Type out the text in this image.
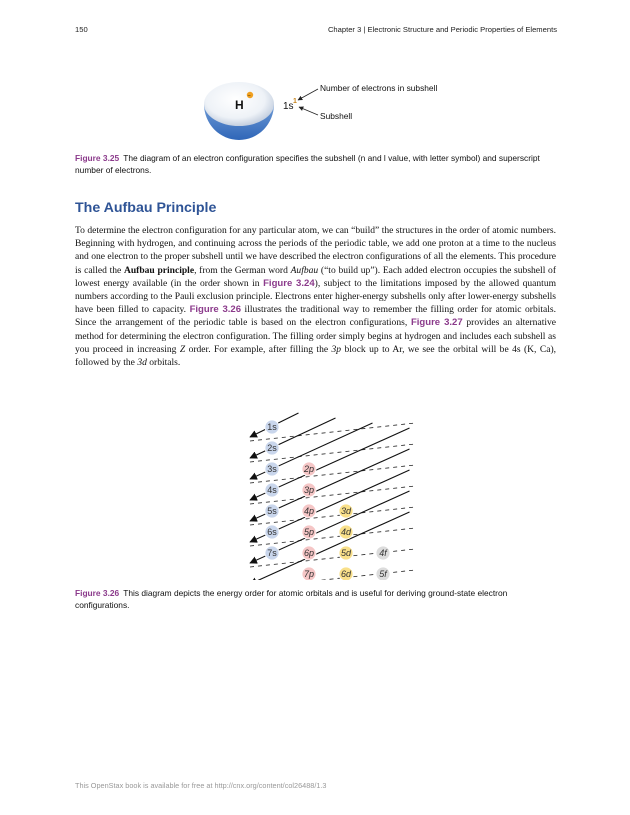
150	Chapter 3 | Electronic Structure and Periodic Properties of Elements
H
–
1s 1
Number of electrons in subshell
Subshell
Figure 3.25 The diagram of an electron configuration specifies the subshell (n and l value, with letter symbol) and superscript number of electrons.
The Aufbau Principle

To determine the electron configuration for any particular atom, we can “build” the structures in the order of atomic numbers. Beginning with hydrogen, and continuing across the periods of the periodic table, we add one proton at a time to the nucleus and one electron to the proper subshell until we have described the electron configurations of all the elements. This procedure is called the Aufbau principle, from the German word Aufbau (“to build up”). Each added electron occupies the subshell of lowest energy available (in the order shown in Figure 3.24), subject to the limitations imposed by the allowed quantum numbers according to the Pauli exclusion principle. Electrons enter higher-energy subshells only after lower-energy subshells have been filled to capacity. Figure 3.26 illustrates the traditional way to remember the filling order for atomic orbitals. Since the arrangement of the periodic table is based on the electron configurations, Figure 3.27 provides an alternative method for determining the electron configuration. The filling order simply begins at hydrogen and includes each subshell as you proceed in increasing Z order. For example, after filling the 3p block up to Ar, we see the orbital will be 4s (K, Ca), followed by the 3d orbitals.

1s
2s
2p
3s
3p
3d
4s
4p
4d
4f
5s
5p
5d
5f
6s
6p
6d
7s
7p
Figure 3.26 This diagram depicts the energy order for atomic orbitals and is useful for deriving ground-state electron configurations.
This OpenStax book is available for free at http://cnx.org/content/col26488/1.3
